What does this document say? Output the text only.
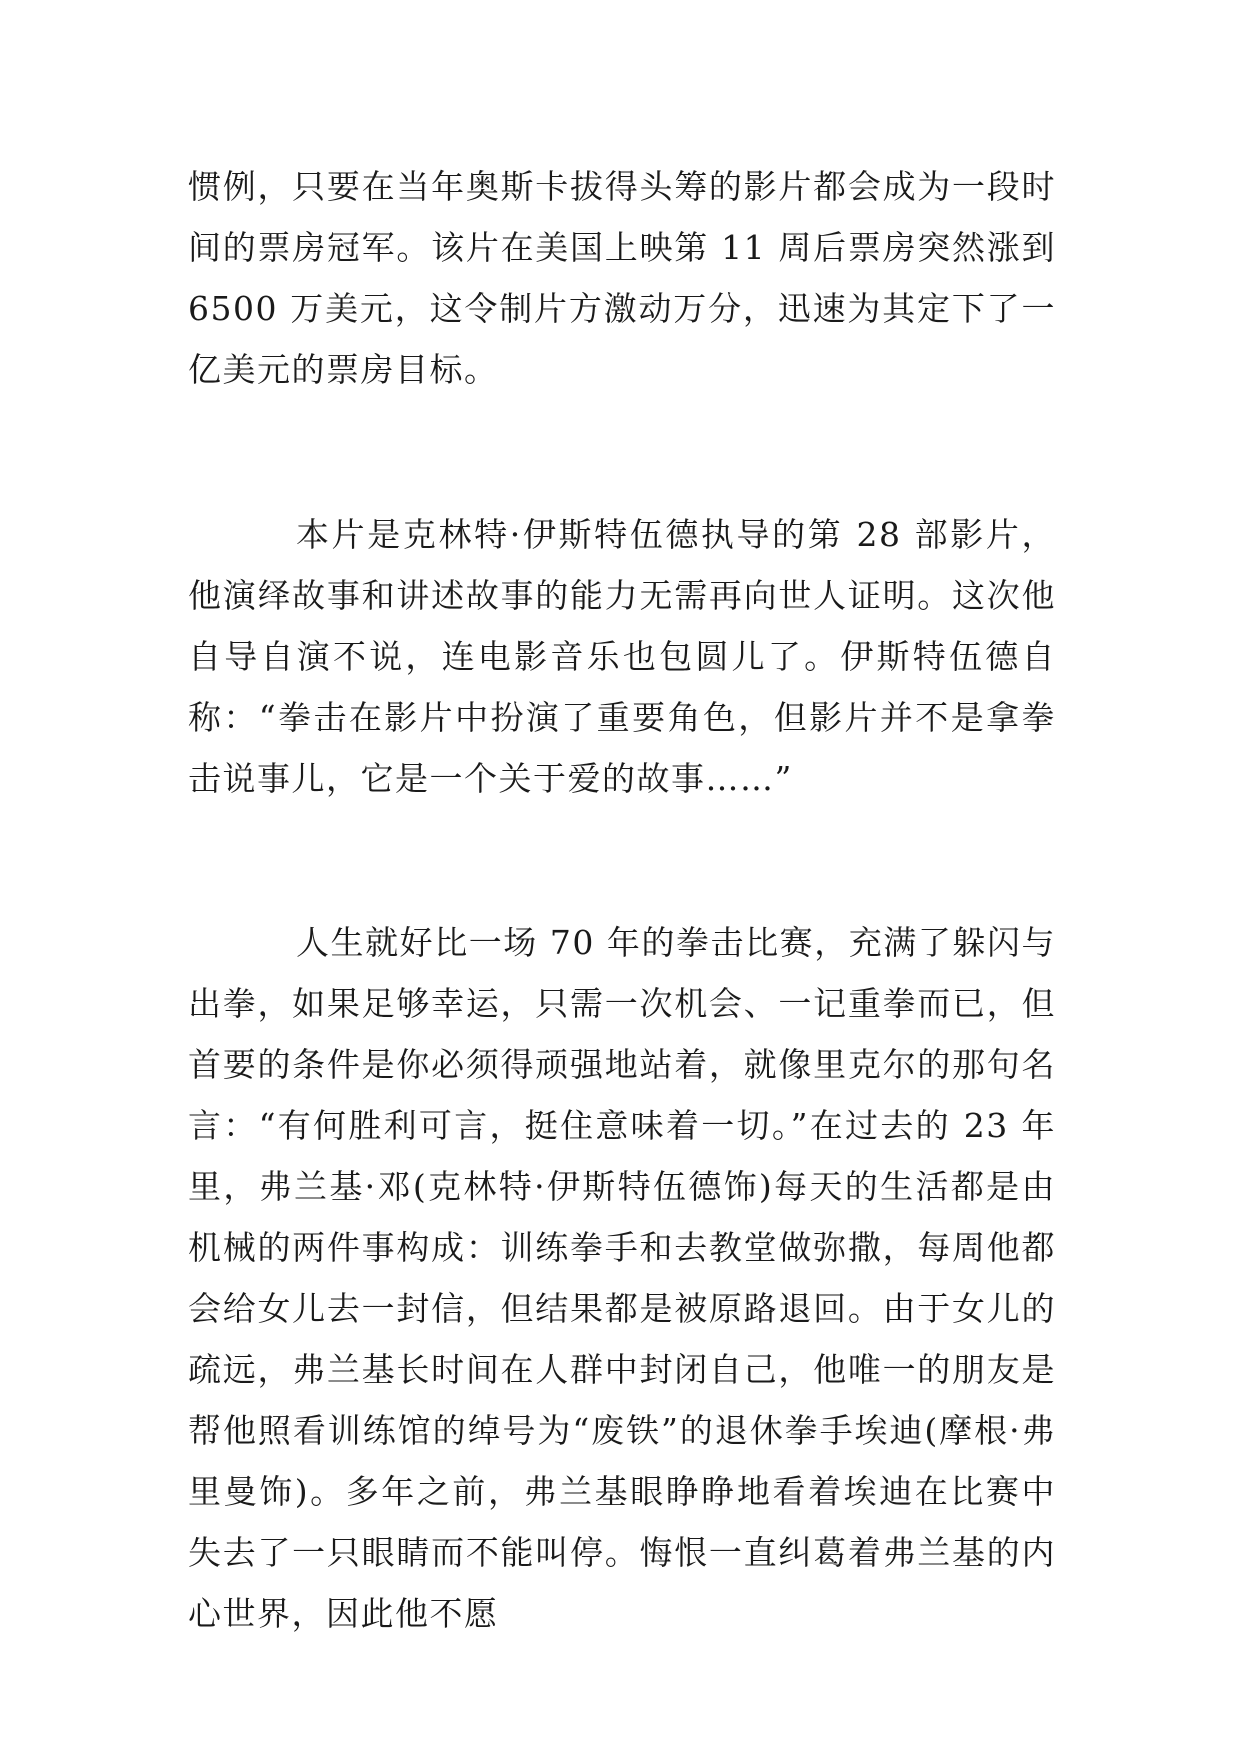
惯例，只要在当年奥斯卡拔得头筹的影片都会成为一段时间的票房冠军。该片在美国上映第 11 周后票房突然涨到 6500 万美元，这令制片方激动万分，迅速为其定下了一亿美元的票房目标。

本片是克林特·伊斯特伍德执导的第 28 部影片，他演绎故事和讲述故事的能力无需再向世人证明。这次他自导自演不说，连电影音乐也包圆儿了。伊斯特伍德自称：“拳击在影片中扮演了重要角色，但影片并不是拿拳击说事儿，它是一个关于爱的故事……”

人生就好比一场 70 年的拳击比赛，充满了躲闪与出拳，如果足够幸运，只需一次机会、一记重拳而已，但首要的条件是你必须得顽强地站着，就像里克尔的那句名言：“有何胜利可言，挺住意味着一切。”在过去的 23 年里，弗兰基·邓(克林特·伊斯特伍德饰)每天的生活都是由机械的两件事构成：训练拳手和去教堂做弥撒，每周他都会给女儿去一封信，但结果都是被原路退回。由于女儿的疏远，弗兰基长时间在人群中封闭自己，他唯一的朋友是帮他照看训练馆的绰号为“废铁”的退休拳手埃迪(摩根·弗里曼饰)。多年之前，弗兰基眼睁睁地看着埃迪在比赛中失去了一只眼睛而不能叫停。悔恨一直纠葛着弗兰基的内心世界，因此他不愿
